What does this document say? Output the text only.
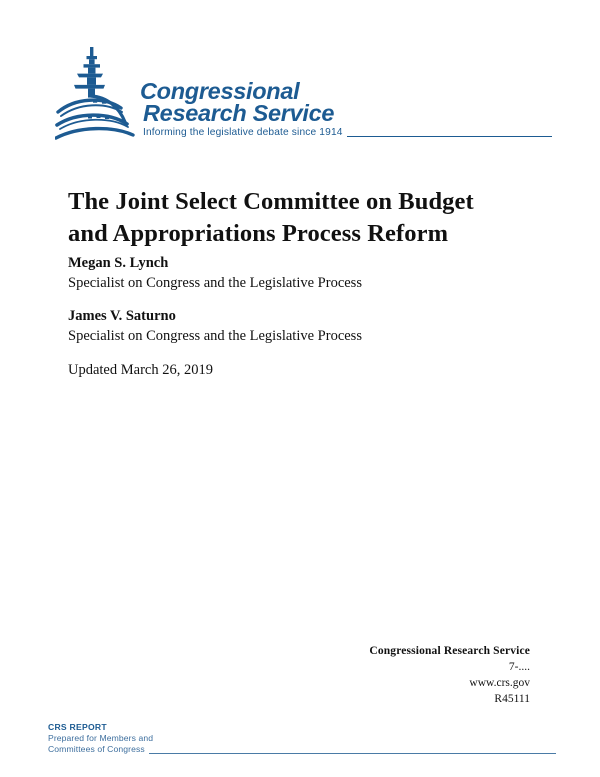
Congressional
Research Service
Informing the legislative debate since 1914
The Joint Select Committee on Budget and Appropriations Process Reform
Megan S. Lynch
Specialist on Congress and the Legislative Process
James V. Saturno
Specialist on Congress and the Legislative Process
Updated March 26, 2019
Congressional Research Service
7-....
www.crs.gov
R45111
CRS REPORT
Prepared for Members and
Committees of Congress
